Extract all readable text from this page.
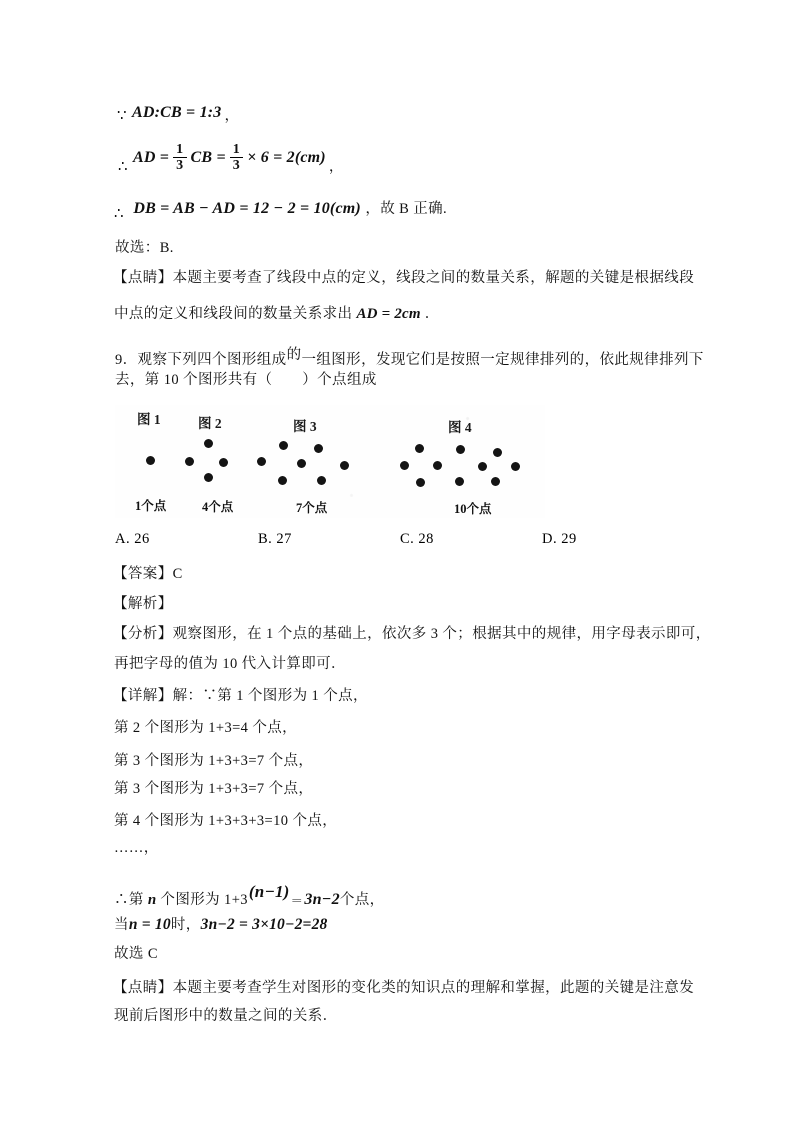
∵ AD:CB = 1:3 ，
∴
AD = $\frac{1}{3}$ CB = $\frac{1}{3} \times 6 = 2(cm)$
，
∴ DB = AB − AD = 12 − 2 = 10(cm) ，故 B 正确.
故选：B.
【点睛】本题主要考查了线段中点的定义，线段之间的数量关系，解题的关键是根据线段
中点的定义和线段间的数量关系求出 AD = 2cm ．
9．观察下列四个图形组成的一组图形，发现它们是按照一定规律排列的，依此规律排列下
去，第 10 个图形共有（　　）个点组成
图 1
1个点
图 2
4个点
图 3
7个点
图 4
10个点
A. 26	B. 27	C. 28	D. 29
【答案】C
【解析】
【分析】观察图形，在 1 个点的基础上，依次多 3 个；根据其中的规律，用字母表示即可，
再把字母的值为 10 代入计算即可．
【详解】解：∵第 1 个图形为 1 个点，
第 2 个图形为 1+3=4 个点，
第 3 个图形为 1+3+3=7 个点，
第 3 个图形为 1+3+3=7 个点，
第 4 个图形为 1+3+3+3=10 个点，
……，
∴第 n 个图形为 1+3(n−1)＝3n−2个点，
当n = 10时，3n−2 = 3×10−2=28
故选 C
【点睛】本题主要考查学生对图形的变化类的知识点的理解和掌握，此题的关键是注意发
现前后图形中的数量之间的关系．
